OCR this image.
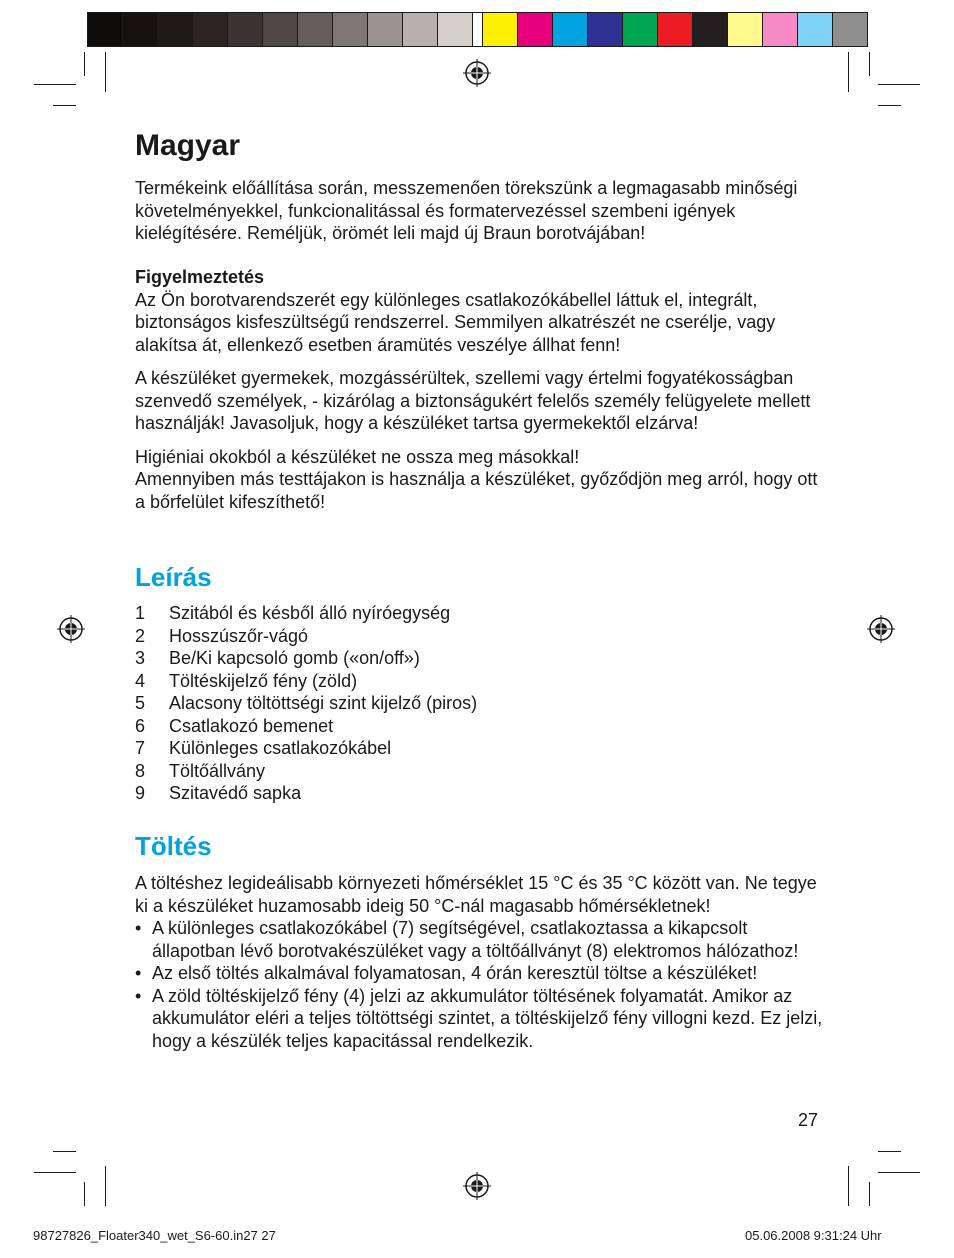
Magyar

Termékeink előállítása során, messzemenően törekszünk a legmagasabb minőségi követelményekkel, funkcionalitással és formatervezéssel szembeni igények kielégítésére. Reméljük, örömét leli majd új Braun borotvájában!

Figyelmeztetés

Az Ön borotvarendszerét egy különleges csatlakozókábellel láttuk el, integrált, biztonságos kisfeszültségű rendszerrel. Semmilyen alkatrészét ne cserélje, vagy alakítsa át, ellenkező esetben áramütés veszélye állhat fenn!

A készüléket gyermekek, mozgássérültek, szellemi vagy értelmi fogyatékosságban szenvedő személyek, - kizárólag a biztonságukért felelős személy felügyelete mellett használják! Javasoljuk, hogy a készüléket tartsa gyermekektől elzárva!

Higiéniai okokból a készüléket ne ossza meg másokkal!

Amennyiben más testtájakon is használja a készüléket, győződjön meg arról, hogy ott a bőrfelület kifeszíthető!

Leírás
1	Szitából és késből álló nyíróegység
2	Hosszúszőr-vágó
3	Be/Ki kapcsoló gomb («on/off»)
4	Töltéskijelző fény (zöld)
5	Alacsony töltöttségi szint kijelző (piros)
6	Csatlakozó bemenet
7	Különleges csatlakozókábel
8	Töltőállvány
9	Szitavédő sapka
Töltés

A töltéshez legideálisabb környezeti hőmérséklet 15 °C és 35 °C között van. Ne tegye ki a készüléket huzamosabb ideig 50 °C-nál magasabb hőmérsékletnek!

• A különleges csatlakozókábel (7) segítségével, csatlakoztassa a kikapcsolt állapotban lévő borotvakészüléket vagy a töltőállványt (8) elektromos hálózathoz!
• Az első töltés alkalmával folyamatosan, 4 órán keresztül töltse a készüléket!
• A zöld töltéskijelző fény (4) jelzi az akkumulátor töltésének folyamatát. Amikor az akkumulátor eléri a teljes töltöttségi szintet, a töltéskijelző fény villogni kezd. Ez jelzi, hogy a készülék teljes kapacitással rendelkezik.
27
98727826_Floater340_wet_S6-60.in27 27	05.06.2008 9:31:24 Uhr
